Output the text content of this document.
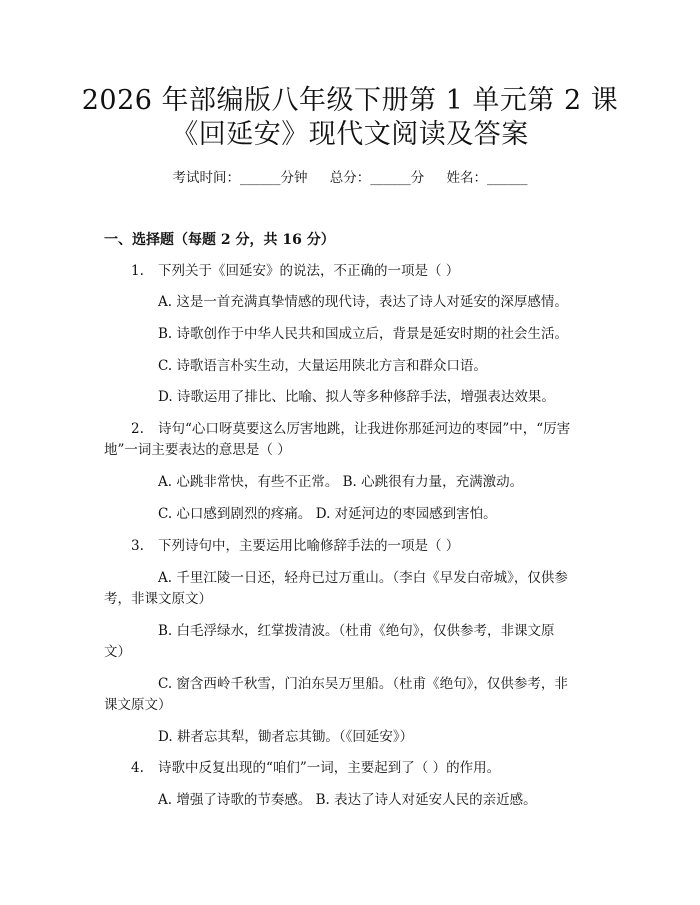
2026 年部编版八年级下册第 1 单元第 2 课
《回延安》现代文阅读及答案
考试时间：______分钟 总分：______分 姓名：______
一、选择题（每题 2 分，共 16 分）
1. 下列关于《回延安》的说法，不正确的一项是（ ）
A. 这是一首充满真挚情感的现代诗，表达了诗人对延安的深厚感情。
B. 诗歌创作于中华人民共和国成立后，背景是延安时期的社会生活。
C. 诗歌语言朴实生动，大量运用陕北方言和群众口语。
D. 诗歌运用了排比、比喻、拟人等多种修辞手法，增强表达效果。
2. 诗句“心口呀莫要这么厉害地跳，让我进你那延河边的枣园”中，“厉害
地”一词主要表达的意思是（ ）
A. 心跳非常快，有些不正常。 B. 心跳很有力量，充满激动。
C. 心口感到剧烈的疼痛。 D. 对延河边的枣园感到害怕。
3. 下列诗句中，主要运用比喻修辞手法的一项是（ ）
A. 千里江陵一日还，轻舟已过万重山。（李白《早发白帝城》，仅供参
考，非课文原文）
B. 白毛浮绿水，红掌拨清波。（杜甫《绝句》，仅供参考，非课文原
文）
C. 窗含西岭千秋雪，门泊东吴万里船。（杜甫《绝句》，仅供参考，非
课文原文）
D. 耕者忘其犁，锄者忘其锄。（《回延安》）
4. 诗歌中反复出现的“咱们”一词，主要起到了（ ）的作用。
A. 增强了诗歌的节奏感。 B. 表达了诗人对延安人民的亲近感。
